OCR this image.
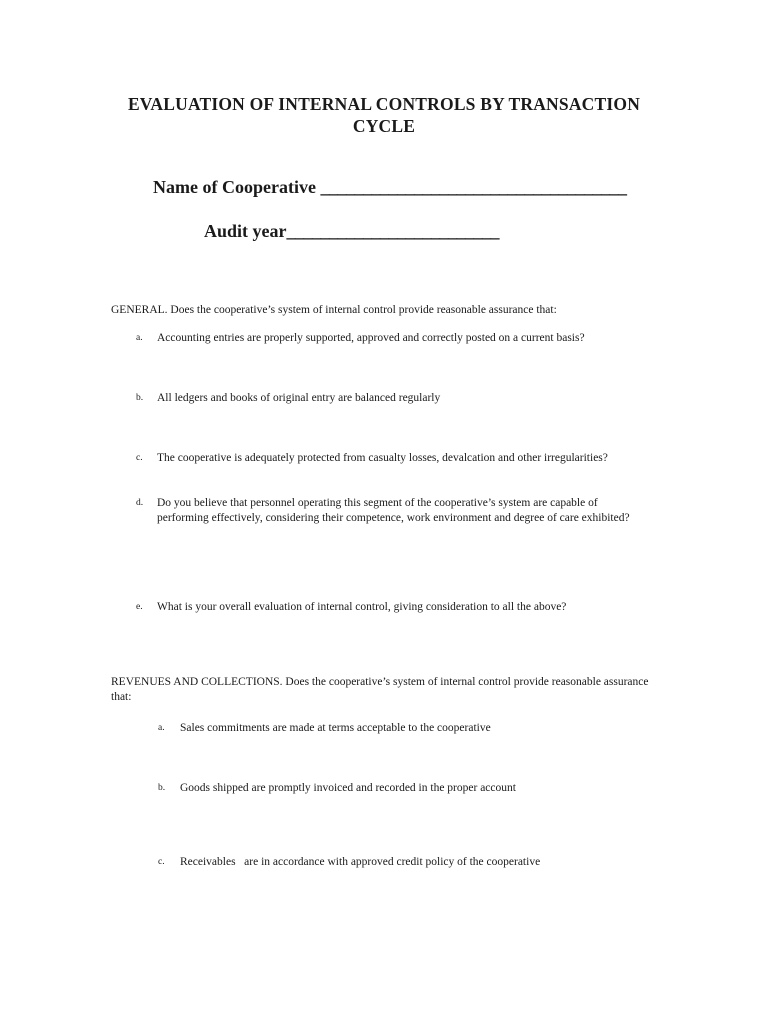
EVALUATION OF INTERNAL CONTROLS BY TRANSACTION
CYCLE
Name of Cooperative ____________________________________
Audit year_________________________
GENERAL. Does the cooperative’s system of internal control provide reasonable assurance that:
a. Accounting entries are properly supported, approved and correctly posted on a current basis?
b. All ledgers and books of original entry are balanced regularly
c. The cooperative is adequately protected from casualty losses, devalcation and other irregularities?
d. Do you believe that personnel operating this segment of the cooperative’s system are capable of performing effectively, considering their competence, work environment and degree of care exhibited?
e. What is your overall evaluation of internal control, giving consideration to all the above?
REVENUES AND COLLECTIONS. Does the cooperative’s system of internal control provide reasonable assurance that:
a. Sales commitments are made at terms acceptable to the cooperative
b. Goods shipped are promptly invoiced and recorded in the proper account
c. Receivables   are in accordance with approved credit policy of the cooperative
